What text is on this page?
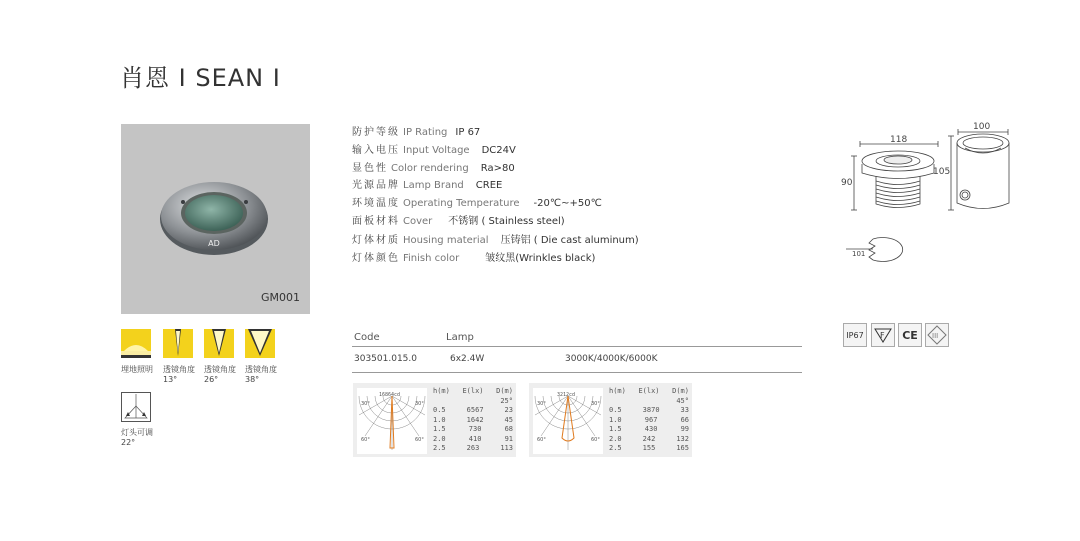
肖恩 I SEAN I
AD
GM001
防护等级 IP Rating IP 67
输入电压 Input Voltage DC24V
显色性 Color rendering Ra>80
光源品牌 Lamp Brand CREE
环境温度 Operating Temperature -20℃~+50℃
面板材料 Cover 不锈钢 ( Stainless steel)
灯体材质 Housing material 压铸铝 ( Die cast aluminum)
灯体颜色 Finish color	皱纹黑(Wrinkles black)
埋地照明 透镜角度
13°
透镜角度
26°
透镜角度
38°
灯头可调
22°
Code	Lamp
303501.015.0	6x2.4W	3000K/4000K/6000K
16864cd
30°	30°
60°	60°
h(m) E(lx) D(m)
25°
0.5	6567	23
1.0	1642	45
1.5	730	68
2.0	410	91
2.5	263	113
3212cd
30°	30°
60°	60°
h(m) E(lx) D(m)
45°
0.5	3870	33
1.0	967	66
1.5	430	99
2.0	242	132
2.5	155	165
118
90
100
105
101
IP67	F	CE	III
